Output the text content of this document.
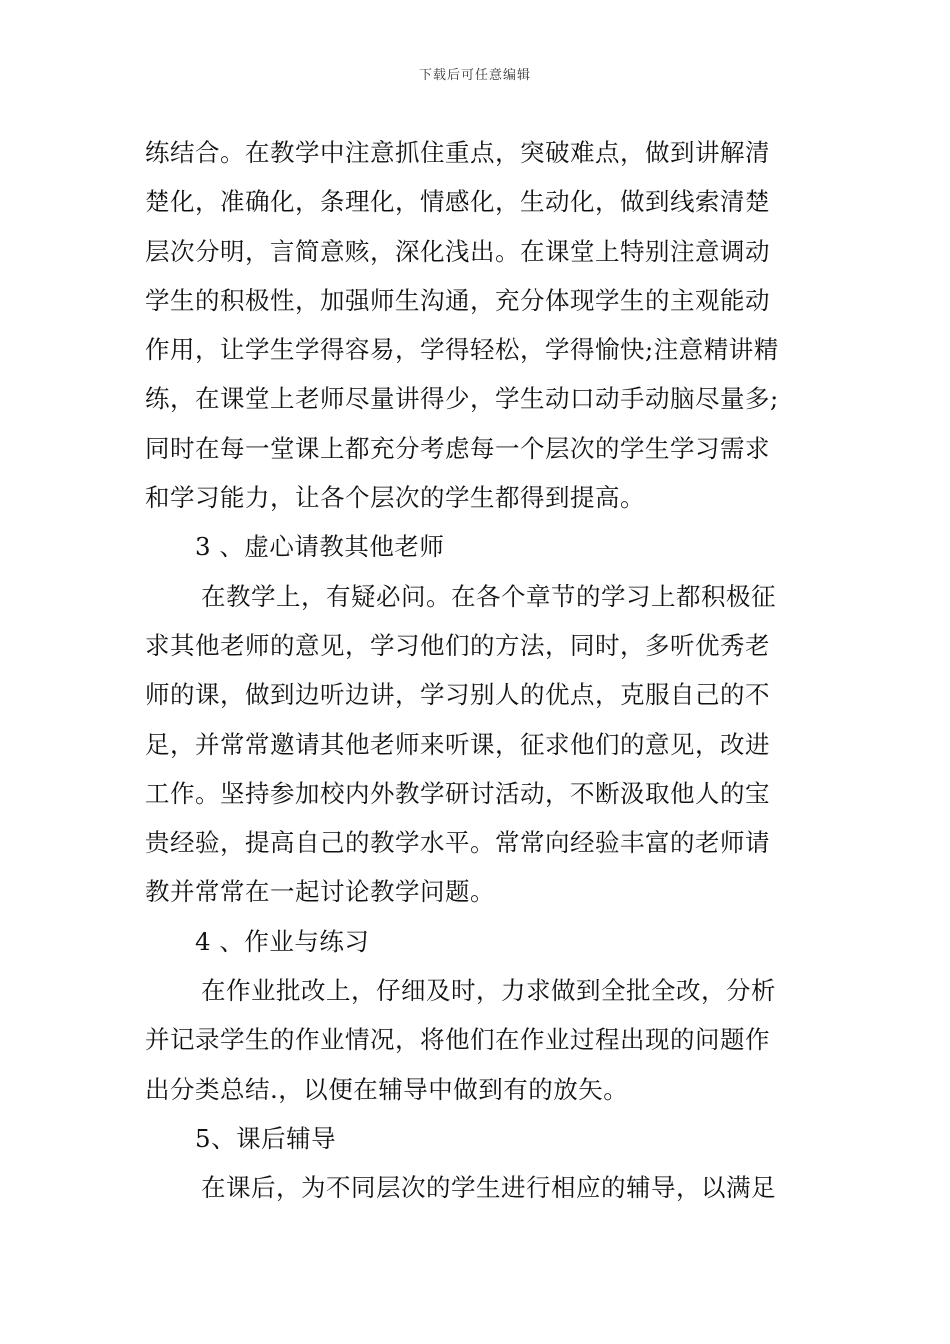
下载后可任意编辑
练结合。在教学中注意抓住重点，突破难点，做到讲解清
楚化，准确化，条理化，情感化，生动化，做到线索清楚
层次分明，言简意赅，深化浅出。在课堂上特别注意调动
学生的积极性，加强师生沟通，充分体现学生的主观能动
作用，让学生学得容易，学得轻松，学得愉快;注意精讲精
练，在课堂上老师尽量讲得少，学生动口动手动脑尽量多;
同时在每一堂课上都充分考虑每一个层次的学生学习需求
和学习能力，让各个层次的学生都得到提高。
3 、虚心请教其他老师
在教学上，有疑必问。在各个章节的学习上都积极征
求其他老师的意见，学习他们的方法，同时，多听优秀老
师的课，做到边听边讲，学习别人的优点，克服自己的不
足，并常常邀请其他老师来听课，征求他们的意见，改进
工作。坚持参加校内外教学研讨活动，不断汲取他人的宝
贵经验，提高自己的教学水平。常常向经验丰富的老师请
教并常常在一起讨论教学问题。
4 、作业与练习
在作业批改上，仔细及时，力求做到全批全改，分析
并记录学生的作业情况，将他们在作业过程出现的问题作
出分类总结.，以便在辅导中做到有的放矢。
5、课后辅导
在课后，为不同层次的学生进行相应的辅导，以满足
